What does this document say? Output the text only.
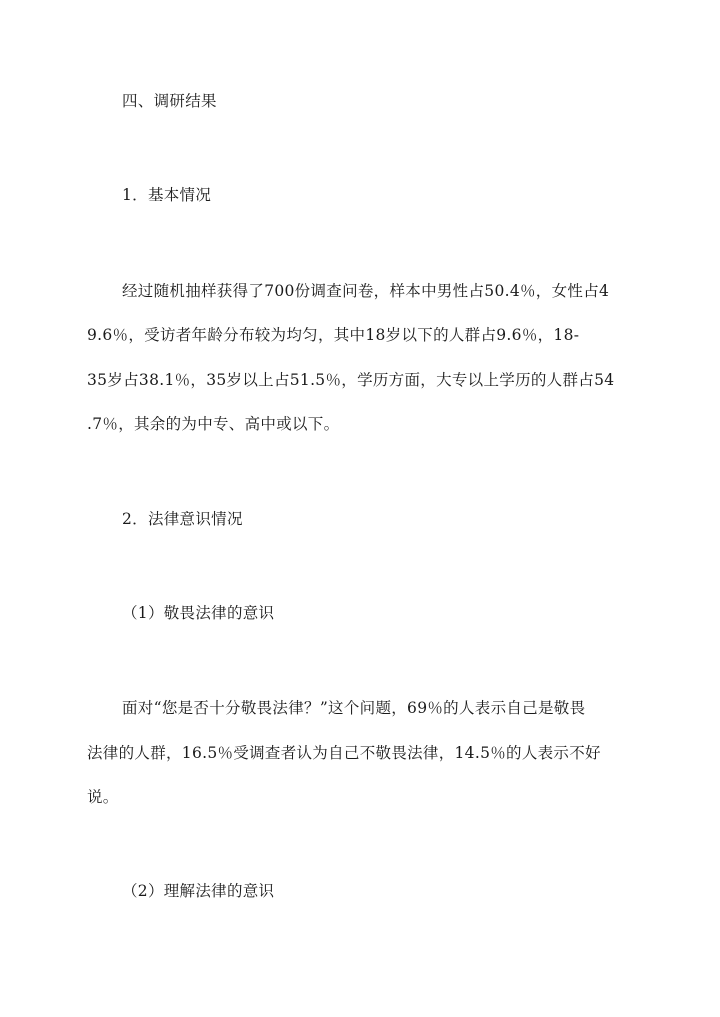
四、调研结果
1．基本情况
经过随机抽样获得了700份调查问卷，样本中男性占50.4％，女性占4
9.6％，受访者年龄分布较为均匀，其中18岁以下的人群占9.6％，18-
35岁占38.1％，35岁以上占51.5％，学历方面，大专以上学历的人群占54
.7％，其余的为中专、高中或以下。
2．法律意识情况
（1）敬畏法律的意识
面对“您是否十分敬畏法律？”这个问题，69％的人表示自己是敬畏
法律的人群，16.5％受调查者认为自己不敬畏法律，14.5％的人表示不好
说。
（2）理解法律的意识
